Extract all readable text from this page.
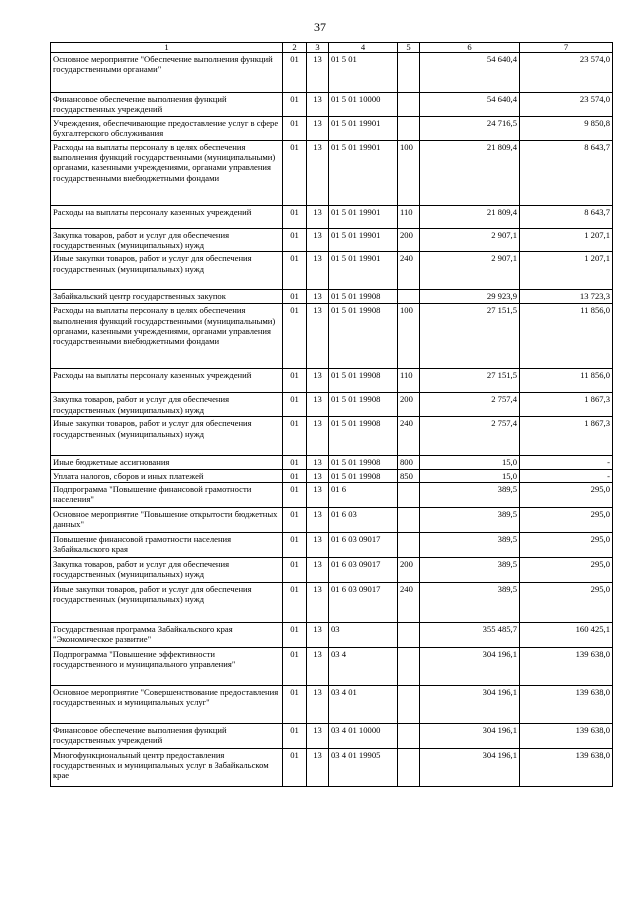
37
1	2	3	4	5	6	7
Основное мероприятие "Обеспечение выполнения функций государственными органами"	01	13	01 5 01		54 640,4	23 574,0
Финансовое обеспечение выполнения функций государственных учреждений	01	13	01 5 01 10000		54 640,4	23 574,0
Учреждения, обеспечивающие предоставление услуг в сфере бухгалтерского обслуживания	01	13	01 5 01 19901		24 716,5	9 850,8
Расходы на выплаты персоналу в целях обеспечения выполнения функций государственными (муниципальными) органами, казенными учреждениями, органами управления государственными внебюджетными фондами	01	13	01 5 01 19901	100	21 809,4	8 643,7
Расходы на выплаты персоналу казенных учреждений	01	13	01 5 01 19901	110	21 809,4	8 643,7
Закупка товаров, работ и услуг для обеспечения государственных (муниципальных) нужд	01	13	01 5 01 19901	200	2 907,1	1 207,1
Иные закупки товаров, работ и услуг для обеспечения государственных (муниципальных) нужд	01	13	01 5 01 19901	240	2 907,1	1 207,1
Забайкальский центр государственных закупок	01	13	01 5 01 19908		29 923,9	13 723,3
Расходы на выплаты персоналу в целях обеспечения выполнения функций государственными (муниципальными) органами, казенными учреждениями, органами управления государственными внебюджетными фондами	01	13	01 5 01 19908	100	27 151,5	11 856,0
Расходы на выплаты персоналу казенных учреждений	01	13	01 5 01 19908	110	27 151,5	11 856,0
Закупка товаров, работ и услуг для обеспечения государственных (муниципальных) нужд	01	13	01 5 01 19908	200	2 757,4	1 867,3
Иные закупки товаров, работ и услуг для обеспечения государственных (муниципальных) нужд	01	13	01 5 01 19908	240	2 757,4	1 867,3
Иные бюджетные ассигнования	01	13	01 5 01 19908	800	15,0	-
Уплата налогов, сборов и иных платежей	01	13	01 5 01 19908	850	15,0	-
Подпрограмма "Повышение финансовой грамотности населения"	01	13	01 6		389,5	295,0
Основное мероприятие "Повышение открытости бюджетных данных"	01	13	01 6 03		389,5	295,0
Повышение финансовой грамотности населения Забайкальского края	01	13	01 6 03 09017		389,5	295,0
Закупка товаров, работ и услуг для обеспечения государственных (муниципальных) нужд	01	13	01 6 03 09017	200	389,5	295,0
Иные закупки товаров, работ и услуг для обеспечения государственных (муниципальных) нужд	01	13	01 6 03 09017	240	389,5	295,0
Государственная программа Забайкальского края "Экономическое развитие"	01	13	03		355 485,7	160 425,1
Подпрограмма "Повышение эффективности государственного и муниципального управления"	01	13	03 4		304 196,1	139 638,0
Основное мероприятие "Совершенствование предоставления государственных и муниципальных услуг"	01	13	03 4 01		304 196,1	139 638,0
Финансовое обеспечение выполнения функций государственных учреждений	01	13	03 4 01 10000		304 196,1	139 638,0
Многофункциональный центр предоставления государственных и муниципальных услуг в Забайкальском крае	01	13	03 4 01 19905		304 196,1	139 638,0
